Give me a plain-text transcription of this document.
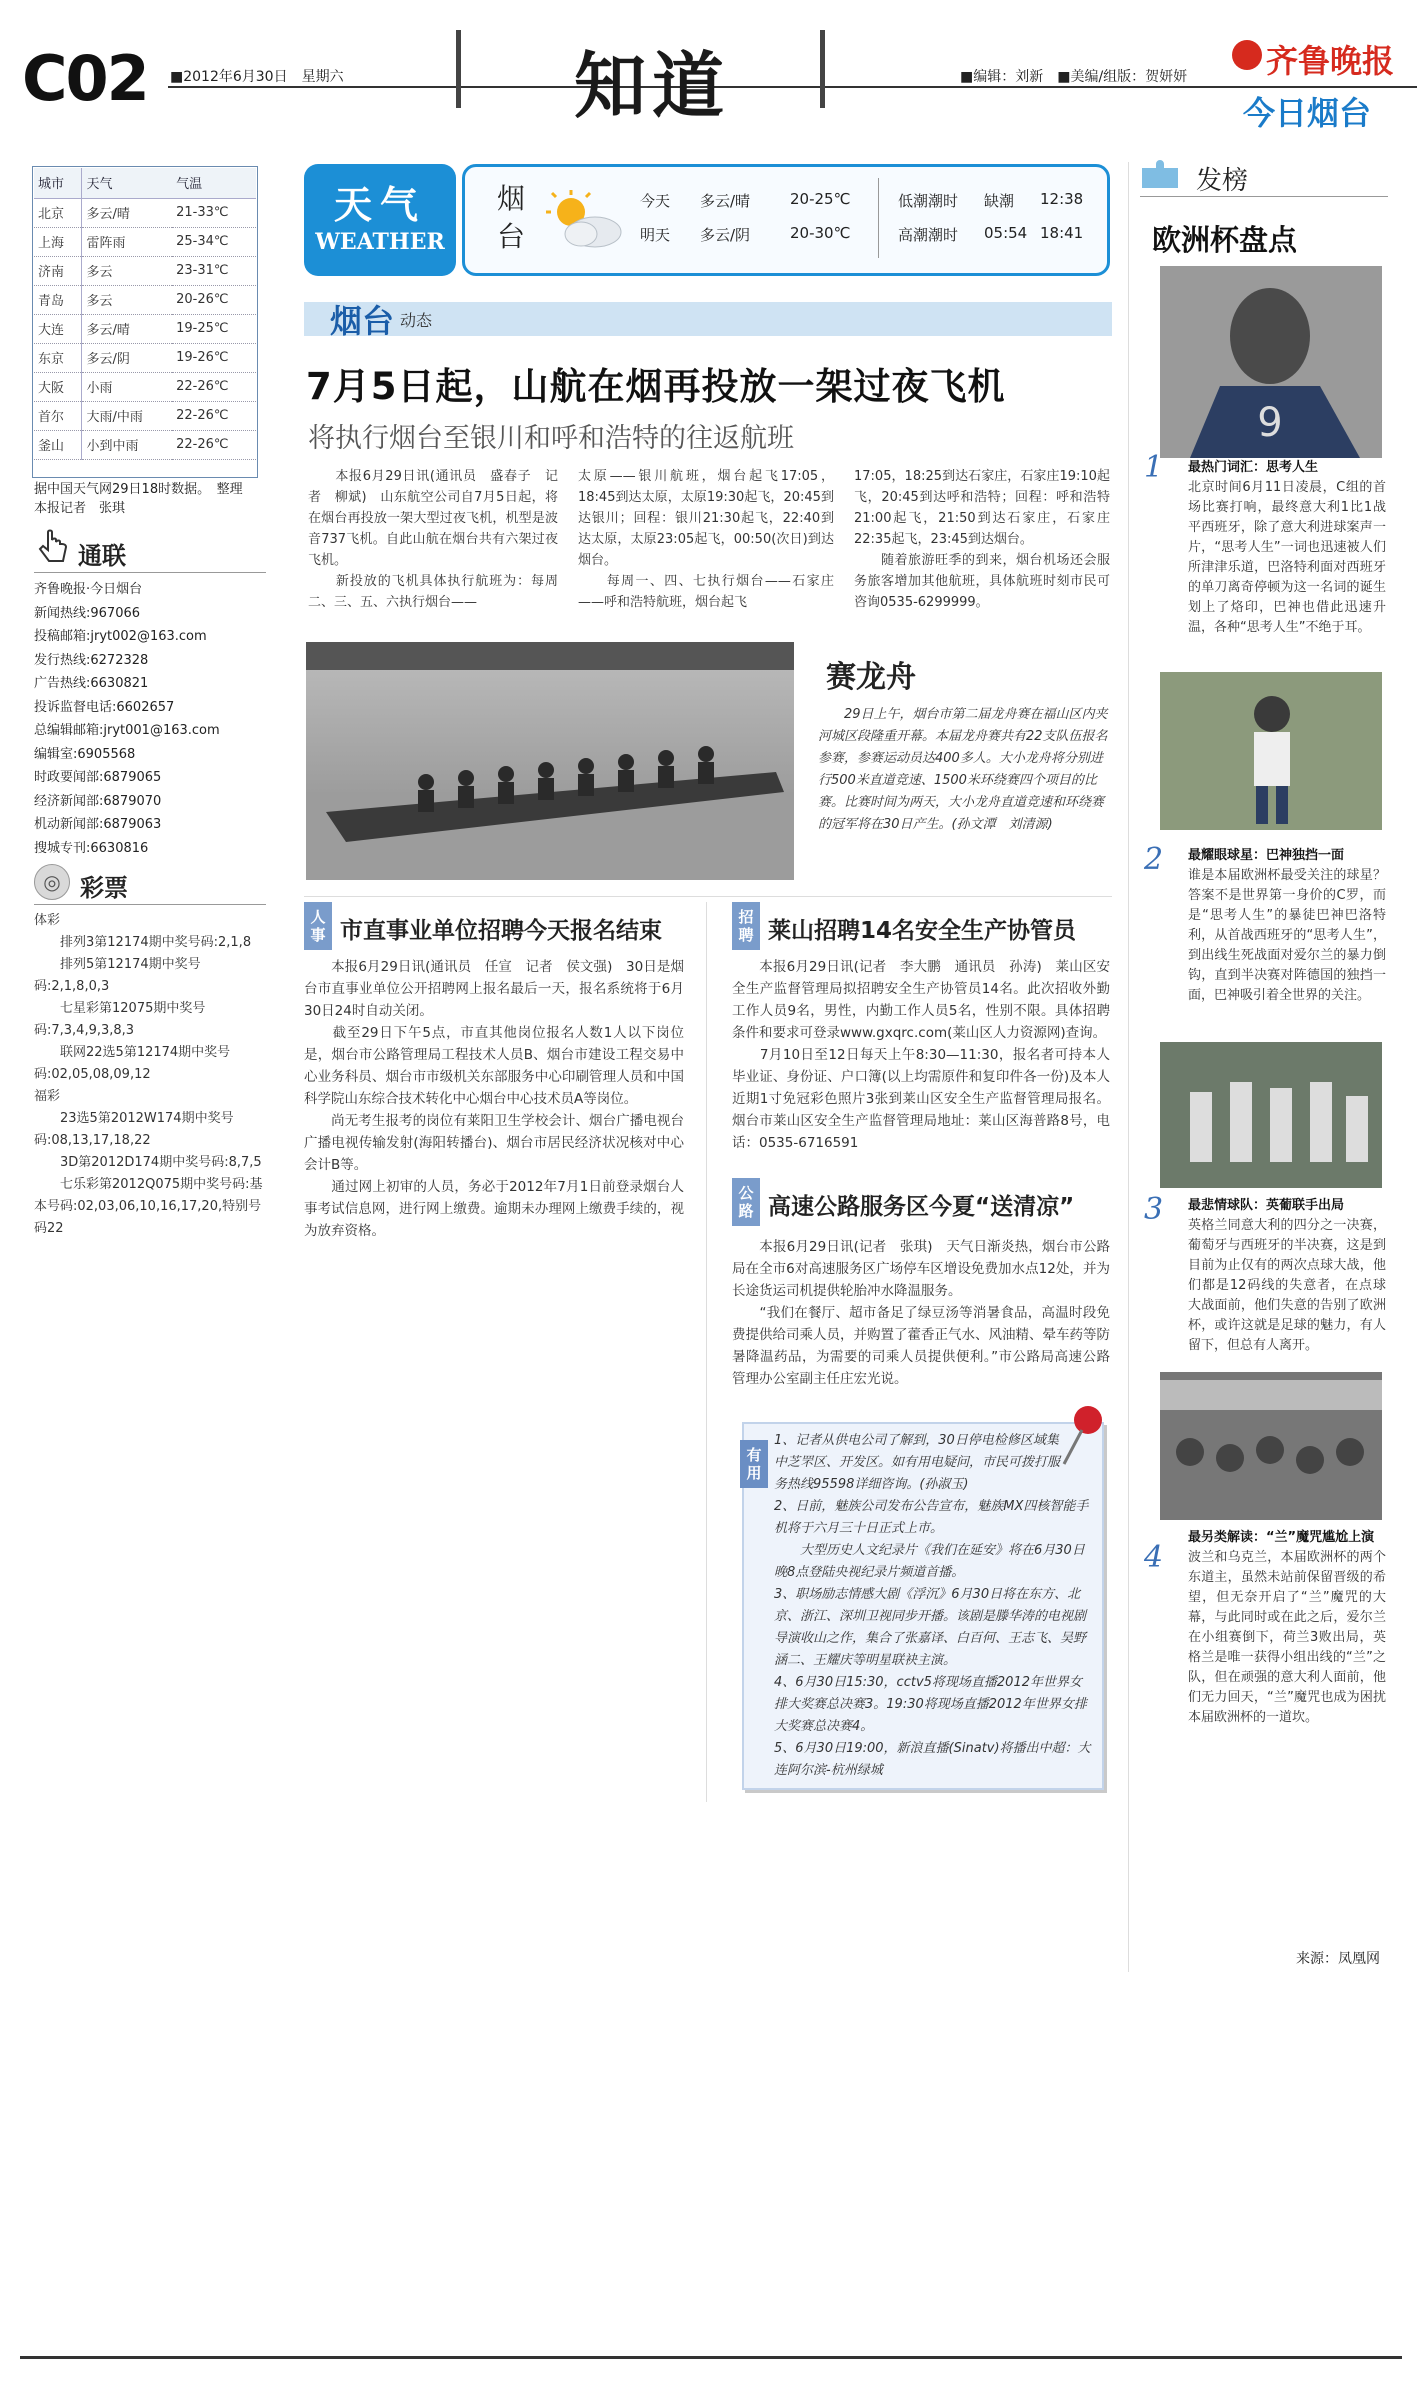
C02 ■2012年6月30日　星期六	知道	■编辑：刘新　■美编/组版：贺妍妍 齐鲁晚报
今日烟台
城市	天气	气温
北京	多云/晴	21-33℃
上海	雷阵雨	25-34℃
济南	多云	23-31℃
青岛	多云	20-26℃
大连	多云/晴	19-25℃
东京	多云/阴	19-26℃
大阪	小雨	22-26℃
首尔	大雨/中雨	22-26℃
釜山	小到中雨	22-26℃
据中国天气网29日18时数据。　整理　本报记者　张琪
通联
齐鲁晚报·今日烟台
新闻热线:967066
投稿邮箱:jryt002@163.com
发行热线:6272328
广告热线:6630821
投诉监督电话:6602657
总编辑邮箱:jryt001@163.com
编辑室:6905568
时政要闻部:6879065
经济新闻部:6879070
机动新闻部:6879063
搜城专刊:6630816
◎ 彩票
体彩
　　排列3第12174期中奖号码:2,1,8
　　排列5第12174期中奖号码:2,1,8,0,3
　　七星彩第12075期中奖号码:7,3,4,9,3,8,3
　　联网22选5第12174期中奖号码:02,05,08,09,12
福彩
　　23选5第2012W174期中奖号码:08,13,17,18,22
　　3D第2012D174期中奖号码:8,7,5
　　七乐彩第2012Q075期中奖号码:基本号码:02,03,06,10,16,17,20,特别号码22
天气
WEATHER
烟台
今天 多云/晴	20-25℃
明天 多云/阴	20-30℃
低潮潮时 缺潮 12:38
高潮潮时 05:54 18:41
烟台 动态
7月5日起，山航在烟再投放一架过夜飞机
将执行烟台至银川和呼和浩特的往返航班
　　本报6月29日讯(通讯员　盛春子　记者　柳斌)　山东航空公司自7月5日起，将在烟台再投放一架大型过夜飞机，机型是波音737飞机。自此山航在烟台共有六架过夜飞机。
　　新投放的飞机具体执行航班为：每周二、三、五、六执行烟台——
太原——银川航班，烟台起飞17:05，18:45到达太原，太原19:30起飞，20:45到达银川；回程：银川21:30起飞，22:40到达太原，太原23:05起飞，00:50(次日)到达烟台。
　　每周一、四、七执行烟台——石家庄——呼和浩特航班，烟台起飞
17:05，18:25到达石家庄，石家庄19:10起飞，20:45到达呼和浩特；回程：呼和浩特21:00起飞，21:50到达石家庄，石家庄22:35起飞，23:45到达烟台。
　　随着旅游旺季的到来，烟台机场还会服务旅客增加其他航班，具体航班时刻市民可咨询0535-6299999。
赛龙舟
　　29日上午，烟台市第二届龙舟赛在福山区内夹河城区段隆重开幕。本届龙舟赛共有22支队伍报名参赛，参赛运动员达400多人。大小龙舟将分别进行500米直道竞速、1500米环绕赛四个项目的比赛。比赛时间为两天，大小龙舟直道竞速和环绕赛的冠军将在30日产生。(孙文潭　刘清源)
人事 市直事业单位招聘今天报名结束
　　本报6月29日讯(通讯员　任宣　记者　侯文强)　30日是烟台市直事业单位公开招聘网上报名最后一天，报名系统将于6月30日24时自动关闭。
　　截至29日下午5点，市直其他岗位报名人数1人以下岗位是，烟台市公路管理局工程技术人员B、烟台市建设工程交易中心业务科员、烟台市市级机关东部服务中心印刷管理人员和中国科学院山东综合技术转化中心烟台中心技术员A等岗位。
　　尚无考生报考的岗位有莱阳卫生学校会计、烟台广播电视台广播电视传输发射(海阳转播台)、烟台市居民经济状况核对中心会计B等。
　　通过网上初审的人员，务必于2012年7月1日前登录烟台人事考试信息网，进行网上缴费。逾期未办理网上缴费手续的，视为放弃资格。
招聘 莱山招聘14名安全生产协管员
　　本报6月29日讯(记者　李大鹏　通讯员　孙涛)　莱山区安全生产监督管理局拟招聘安全生产协管员14名。此次招收外勤工作人员9名，男性，内勤工作人员5名，性别不限。具体招聘条件和要求可登录www.gxqrc.com(莱山区人力资源网)查询。
　　7月10日至12日每天上午8:30—11:30，报名者可持本人毕业证、身份证、户口簿(以上均需原件和复印件各一份)及本人近期1寸免冠彩色照片3张到莱山区安全生产监督管理局报名。烟台市莱山区安全生产监督管理局地址：莱山区海普路8号，电话：0535-6716591
公路 高速公路服务区今夏“送清凉”
　　本报6月29日讯(记者　张琪)　天气日渐炎热，烟台市公路局在全市6对高速服务区广场停车区增设免费加水点12处，并为长途货运司机提供轮胎冲水降温服务。
　　“我们在餐厅、超市备足了绿豆汤等消暑食品，高温时段免费提供给司乘人员，并购置了藿香正气水、风油精、晕车药等防暑降温药品，为需要的司乘人员提供便利。”市公路局高速公路管理办公室副主任庄宏光说。
有用
1、记者从供电公司了解到，30日停电检修区域集中芝罘区、开发区。如有用电疑问，市民可拨打服务热线95598详细咨询。(孙淑玉)
2、日前，魅族公司发布公告宣布，魅族MX四核智能手机将于六月三十日正式上市。
　　大型历史人文纪录片《我们在延安》将在6月30日晚8点登陆央视纪录片频道首播。
3、职场励志情感大剧《浮沉》6月30日将在东方、北京、浙江、深圳卫视同步开播。该剧是滕华涛的电视剧导演收山之作，集合了张嘉译、白百何、王志飞、吴野涵二、王耀庆等明星联袂主演。
4、6月30日15:30，cctv5将现场直播2012年世界女排大奖赛总决赛3。19:30将现场直播2012年世界女排大奖赛总决赛4。
5、6月30日19:00，新浪直播(Sinatv)将播出中超：大连阿尔滨-杭州绿城
发榜
欧洲杯盘点
9
1 最热门词汇：思考人生
北京时间6月11日凌晨，C组的首场比赛打响，最终意大利1比1战平西班牙，除了意大利进球案声一片，“思考人生”一词也迅速被人们所津津乐道，巴洛特利面对西班牙的单刀离奇停顿为这一名词的诞生划上了烙印，巴神也借此迅速升温，各种“思考人生”不绝于耳。
2 最耀眼球星：巴神独挡一面
谁是本届欧洲杯最受关注的球星？答案不是世界第一身价的C罗，而是“思考人生”的暴徒巴神巴洛特利，从首战西班牙的“思考人生”，到出线生死战面对爱尔兰的暴力倒钩，直到半决赛对阵德国的独挡一面，巴神吸引着全世界的关注。
3 最悲情球队：英葡联手出局
英格兰同意大利的四分之一决赛，葡萄牙与西班牙的半决赛，这是到目前为止仅有的两次点球大战，他们都是12码线的失意者，在点球大战面前，他们失意的告别了欧洲杯，或许这就是足球的魅力，有人留下，但总有人离开。
4
最另类解读：“兰”魔咒尴尬上演
波兰和乌克兰，本届欧洲杯的两个东道主，虽然未站前保留晋级的希望，但无奈开启了“兰”魔咒的大幕，与此同时或在此之后，爱尔兰在小组赛倒下，荷兰3败出局，英格兰是唯一获得小组出线的“兰”之队，但在顽强的意大利人面前，他们无力回天，“兰”魔咒也成为困扰本届欧洲杯的一道坎。
来源：凤凰网
